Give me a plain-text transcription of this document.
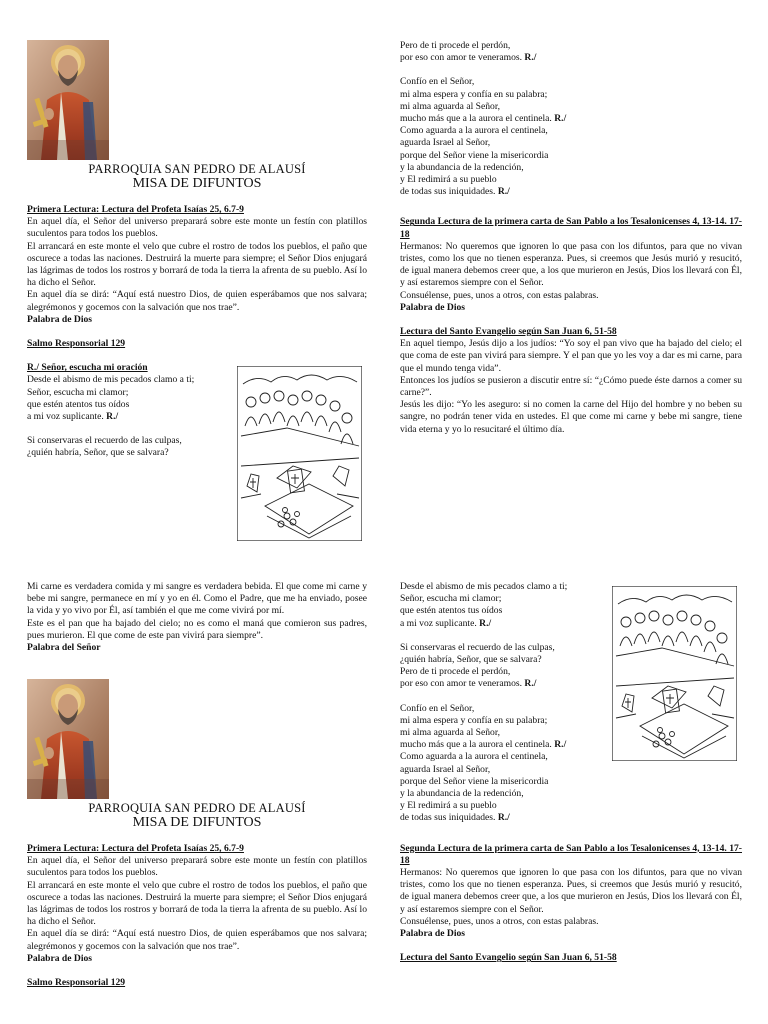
PARROQUIA SAN PEDRO DE ALAUSÍ
MISA DE DIFUNTOS

Primera Lectura: Lectura del Profeta Isaías 25, 6.7-9

En aquel día, el Señor del universo preparará sobre este monte un festín con platillos suculentos para todos los pueblos.

El arrancará en este monte el velo que cubre el rostro de todos los pueblos, el paño que oscurece a todas las naciones. Destruirá la muerte para siempre; el Señor Dios enjugará las lágrimas de todos los rostros y borrará de toda la tierra la afrenta de su pueblo. Así lo ha dicho el Señor.

En aquel día se dirá: “Aquí está nuestro Dios, de quien esperábamos que nos salvara; alegrémonos y gocemos con la salvación que nos trae”.

Palabra de Dios

Salmo Responsorial 129

R./ Señor, escucha mi oración

Desde el abismo de mis pecados clamo a ti;

Señor, escucha mi clamor;

que estén atentos tus oídos

a mi voz suplicante. R./

Si conservaras el recuerdo de las culpas,

¿quién habría, Señor, que se salvara?

Pero de ti procede el perdón,

por eso con amor te veneramos. R./

Confío en el Señor,

mi alma espera y confía en su palabra;

mi alma aguarda al Señor,

mucho más que a la aurora el centinela. R./

Como aguarda a la aurora el centinela,

aguarda Israel al Señor,

porque del Señor viene la misericordia

y la abundancia de la redención,

y El redimirá a su pueblo

de todas sus iniquidades. R./

Segunda Lectura de la primera carta de San Pablo a los Tesalonicenses 4, 13-14. 17-18

Hermanos: No queremos que ignoren lo que pasa con los difuntos, para que no vivan tristes, como los que no tienen esperanza. Pues, si creemos que Jesús murió y resucitó, de igual manera debemos creer que, a los que murieron en Jesús, Dios los llevará con Él, y así estaremos siempre con el Señor.

Consuélense, pues, unos a otros, con estas palabras.

Palabra de Dios

Lectura del Santo Evangelio según San Juan 6, 51-58

En aquel tiempo, Jesús dijo a los judíos: “Yo soy el pan vivo que ha bajado del cielo; el que coma de este pan vivirá para siempre. Y el pan que yo les voy a dar es mi carne, para que el mundo tenga vida”.

Entonces los judíos se pusieron a discutir entre sí: “¿Cómo puede éste darnos a comer su carne?”.

Jesús les dijo: “Yo les aseguro: si no comen la carne del Hijo del hombre y no beben su sangre, no podrán tener vida en ustedes. El que come mi carne y bebe mi sangre, tiene vida eterna y yo lo resucitaré el último día.

Mi carne es verdadera comida y mi sangre es verdadera bebida. El que come mi carne y bebe mi sangre, permanece en mí y yo en él. Como el Padre, que me ha enviado, posee la vida y yo vivo por Él, así también el que me come vivirá por mí.

Este es el pan que ha bajado del cielo; no es como el maná que comieron sus padres, pues murieron. El que come de este pan vivirá para siempre”.

Palabra del Señor

PARROQUIA SAN PEDRO DE ALAUSÍ
MISA DE DIFUNTOS

Primera Lectura: Lectura del Profeta Isaías 25, 6.7-9

En aquel día, el Señor del universo preparará sobre este monte un festín con platillos suculentos para todos los pueblos.

El arrancará en este monte el velo que cubre el rostro de todos los pueblos, el paño que oscurece a todas las naciones. Destruirá la muerte para siempre; el Señor Dios enjugará las lágrimas de todos los rostros y borrará de toda la tierra la afrenta de su pueblo. Así lo ha dicho el Señor.

En aquel día se dirá: “Aquí está nuestro Dios, de quien esperábamos que nos salvara; alegrémonos y gocemos con la salvación que nos trae”.

Palabra de Dios

Salmo Responsorial 129

Desde el abismo de mis pecados clamo a ti;

Señor, escucha mi clamor;

que estén atentos tus oídos

a mi voz suplicante. R./

Si conservaras el recuerdo de las culpas,

¿quién habría, Señor, que se salvara?

Pero de ti procede el perdón,

por eso con amor te veneramos. R./

Confío en el Señor,

mi alma espera y confía en su palabra;

mi alma aguarda al Señor,

mucho más que a la aurora el centinela. R./

Como aguarda a la aurora el centinela,

aguarda Israel al Señor,

porque del Señor viene la misericordia

y la abundancia de la redención,

y El redimirá a su pueblo

de todas sus iniquidades. R./

Segunda Lectura de la primera carta de San Pablo a los Tesalonicenses 4, 13-14. 17-18

Hermanos: No queremos que ignoren lo que pasa con los difuntos, para que no vivan tristes, como los que no tienen esperanza. Pues, si creemos que Jesús murió y resucitó, de igual manera debemos creer que, a los que murieron en Jesús, Dios los llevará con Él, y así estaremos siempre con el Señor.

Consuélense, pues, unos a otros, con estas palabras.

Palabra de Dios

Lectura del Santo Evangelio según San Juan 6, 51-58
